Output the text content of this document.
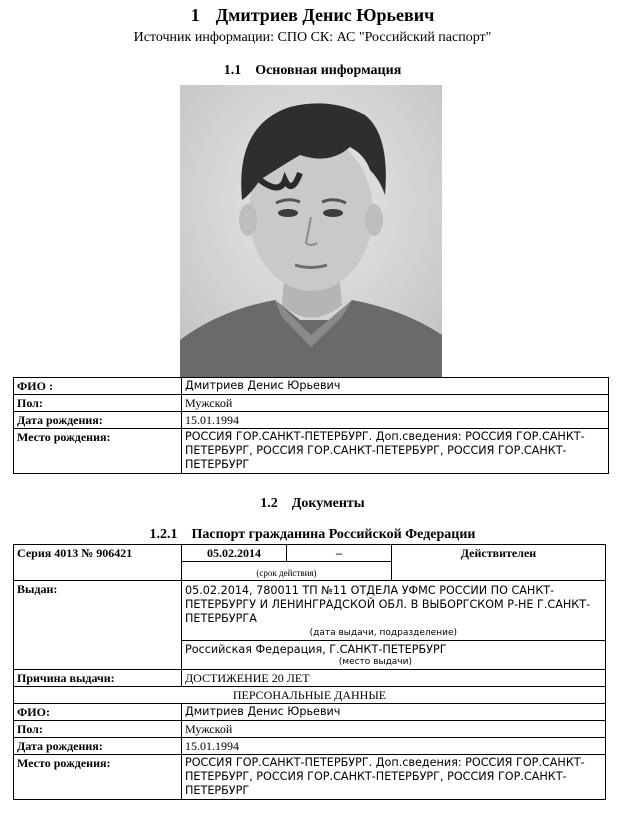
1 Дмитриев Денис Юрьевич
Источник информации: СПО СК: АС "Российский паспорт"
1.1 Основная информация
ФИО :	Дмитриев Денис Юрьевич
Пол:	Мужской
Дата рождения:	15.01.1994
Место рождения:	РОССИЯ ГОР.САНКТ-ПЕТЕРБУРГ. Доп.сведения: РОССИЯ ГОР.САНКТ-ПЕТЕРБУРГ, РОССИЯ ГОР.САНКТ-ПЕТЕРБУРГ, РОССИЯ ГОР.САНКТ-ПЕТЕРБУРГ
1.2 Документы
1.2.1 Паспорт гражданина Российской Федерации
Серия 4013 № 906421	05.02.2014	–	Действителен
	(срок действия)		
Выдан:	05.02.2014, 780011 ТП №11 ОТДЕЛА УФМС РОССИИ ПО САНКТ-ПЕТЕРБУРГУ И ЛЕНИНГРАДСКОЙ ОБЛ. В ВЫБОРГСКОМ Р-НЕ Г.САНКТ-ПЕТЕРБУРГА
(дата выдачи, подразделение)		

	Российская Федерация, Г.САНКТ-ПЕТЕРБУРГ
(место выдачи)		

Причина выдачи:	ДОСТИЖЕНИЕ 20 ЛЕТ		
ПЕРСОНАЛЬНЫЕ ДАННЫЕ			
ФИО:	Дмитриев Денис Юрьевич		
Пол:	Мужской		
Дата рождения:	15.01.1994		
Место рождения:	РОССИЯ ГОР.САНКТ-ПЕТЕРБУРГ. Доп.сведения: РОССИЯ ГОР.САНКТ-ПЕТЕРБУРГ, РОССИЯ ГОР.САНКТ-ПЕТЕРБУРГ, РОССИЯ ГОР.САНКТ-ПЕТЕРБУРГ		
